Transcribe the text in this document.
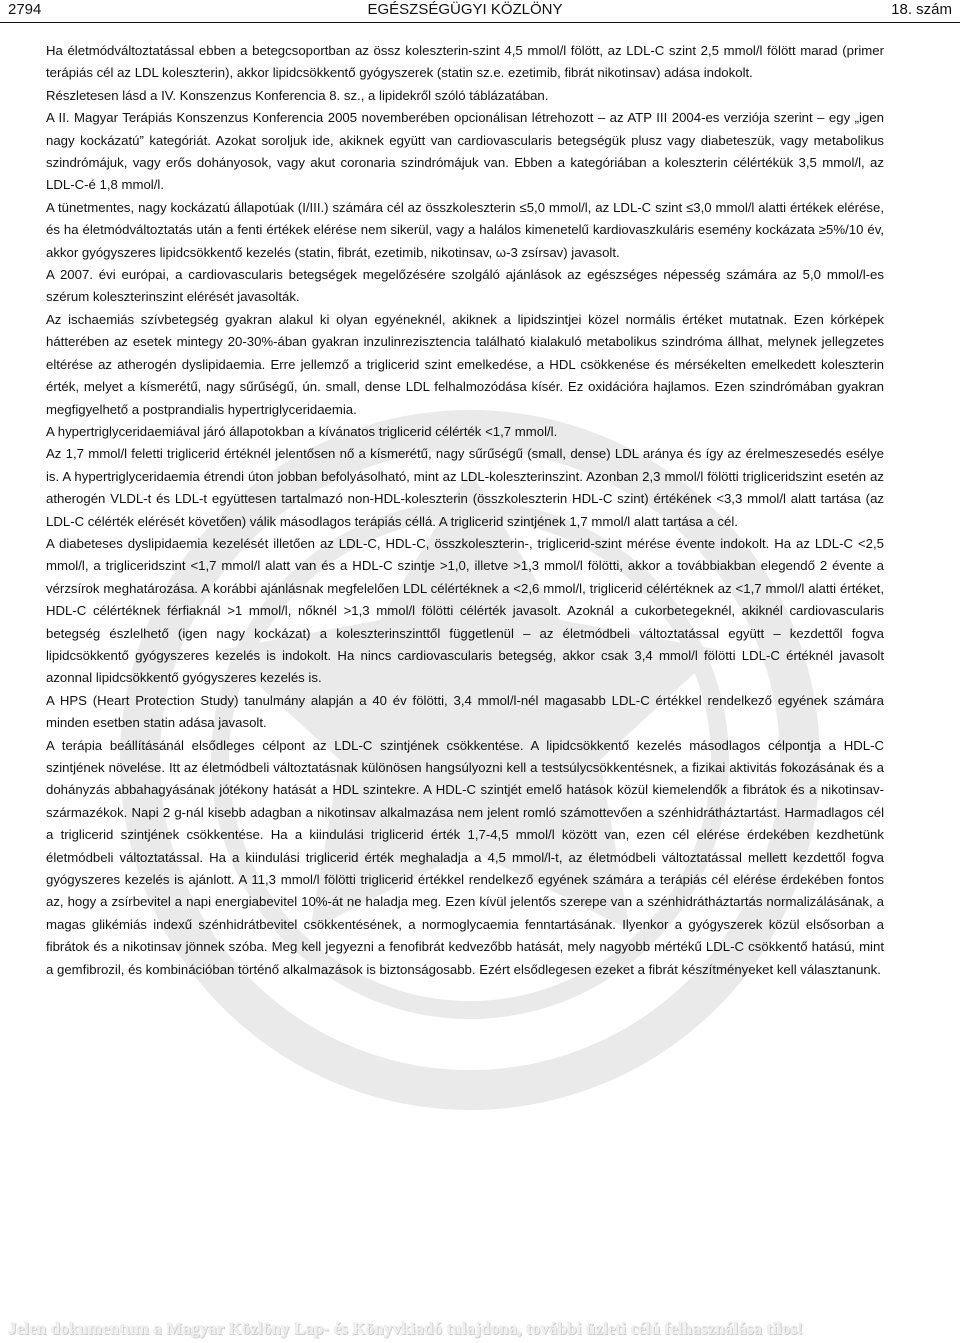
2794	EGÉSZSÉGÜGYI KÖZLÖNY	18. szám

Ha életmódváltoztatással ebben a betegcsoportban az össz koleszterin-szint 4,5 mmol/l fölött, az LDL-C szint 2,5 mmol/l fölött marad (primer terápiás cél az LDL koleszterin), akkor lipidcsökkentő gyógyszerek (statin sz.e. ezetimib, fibrát nikotinsav) adása indokolt.

Részletesen lásd a IV. Konszenzus Konferencia 8. sz., a lipidekről szóló táblázatában.

A II. Magyar Terápiás Konszenzus Konferencia 2005 novemberében opcionálisan létrehozott – az ATP III 2004-es verziója szerint – egy „igen nagy kockázatú” kategóriát. Azokat soroljuk ide, akiknek együtt van cardiovascularis betegségük plusz vagy diabeteszük, vagy metabolikus szindrómájuk, vagy erős dohányosok, vagy akut coronaria szindrómájuk van. Ebben a kategóriában a koleszterin célértékük 3,5 mmol/l, az LDL-C-é 1,8 mmol/l.

A tünetmentes, nagy kockázatú állapotúak (I/III.) számára cél az összkoleszterin ≤5,0 mmol/l, az LDL-C szint ≤3,0 mmol/l alatti értékek elérése, és ha életmódváltoztatás után a fenti értékek elérése nem sikerül, vagy a halálos kimenetelű kardiovaszkuláris esemény kockázata ≥5%/10 év, akkor gyógyszeres lipidcsökkentő kezelés (statin, fibrát, ezetimib, nikotinsav, ω-3 zsírsav) javasolt.

A 2007. évi európai, a cardiovascularis betegségek megelőzésére szolgáló ajánlások az egészséges népesség számára az 5,0 mmol/l-es szérum koleszterinszint elérését javasolták.

Az ischaemiás szívbetegség gyakran alakul ki olyan egyéneknél, akiknek a lipidszintjei közel normális értéket mutatnak. Ezen kórképek hátterében az esetek mintegy 20-30%-ában gyakran inzulinrezisztencia található kialakuló metabolikus szindróma állhat, melynek jellegzetes eltérése az atherogén dyslipidaemia. Erre jellemző a triglicerid szint emelkedése, a HDL csökkenése és mérsékelten emelkedett koleszterin érték, melyet a kísmerétű, nagy sűrűségű, ún. small, dense LDL felhalmozódása kísér. Ez oxidációra hajlamos. Ezen szindrómában gyakran megfigyelhető a postprandialis hypertriglyceridaemia.

A hypertriglyceridaemiával járó állapotokban a kívánatos triglicerid célérték <1,7 mmol/l.

Az 1,7 mmol/l feletti triglicerid értéknél jelentősen nő a kísmerétű, nagy sűrűségű (small, dense) LDL aránya és így az érelmeszesedés esélye is. A hypertriglyceridaemia étrendi úton jobban befolyásolható, mint az LDL-koleszterinszint. Azonban 2,3 mmol/l fölötti trigliceridszint esetén az atherogén VLDL-t és LDL-t együttesen tartalmazó non-HDL-koleszterin (összkoleszterin HDL-C szint) értékének <3,3 mmol/l alatt tartása (az LDL-C célérték elérését követően) válik másodlagos terápiás céllá. A triglicerid szintjének 1,7 mmol/l alatt tartása a cél.

A diabeteses dyslipidaemia kezelését illetően az LDL-C, HDL-C, összkoleszterin-, triglicerid-szint mérése évente indokolt. Ha az LDL-C <2,5 mmol/l, a trigliceridszint <1,7 mmol/l alatt van és a HDL-C szintje >1,0, illetve >1,3 mmol/l fölötti, akkor a továbbiakban elegendő 2 évente a vérzsírok meghatározása. A korábbi ajánlásnak megfelelően LDL célértéknek a <2,6 mmol/l, triglicerid célértéknek az <1,7 mmol/l alatti értéket, HDL-C célértéknek férfiaknál >1 mmol/l, nőknél >1,3 mmol/l fölötti célérték javasolt. Azoknál a cukorbetegeknél, akiknél cardiovascularis betegség észlelhető (igen nagy kockázat) a koleszterinszinttől függetlenül – az életmódbeli változtatással együtt – kezdettől fogva lipidcsökkentő gyógyszeres kezelés is indokolt. Ha nincs cardiovascularis betegség, akkor csak 3,4 mmol/l fölötti LDL-C értéknél javasolt azonnal lipidcsökkentő gyógyszeres kezelés is.

A HPS (Heart Protection Study) tanulmány alapján a 40 év fölötti, 3,4 mmol/l-nél magasabb LDL-C értékkel rendelkező egyének számára minden esetben statin adása javasolt.

A terápia beállításánál elsődleges célpont az LDL-C szintjének csökkentése. A lipidcsökkentő kezelés másodlagos célpontja a HDL-C szintjének növelése. Itt az életmódbeli változtatásnak különösen hangsúlyozni kell a testsúlycsökkentésnek, a fizikai aktivitás fokozásának és a dohányzás abbahagyásának jótékony hatását a HDL szintekre. A HDL-C szintjét emelő hatások közül kiemelendők a fibrátok és a nikotinsav-származékok. Napi 2 g-nál kisebb adagban a nikotinsav alkalmazása nem jelent romló számottevően a szénhidrátháztartást. Harmadlagos cél a triglicerid szintjének csökkentése. Ha a kiindulási triglicerid érték 1,7-4,5 mmol/l között van, ezen cél elérése érdekében kezdhetünk életmódbeli változtatással. Ha a kiindulási triglicerid érték meghaladja a 4,5 mmol/l-t, az életmódbeli változtatással mellett kezdettől fogva gyógyszeres kezelés is ajánlott. A 11,3 mmol/l fölötti triglicerid értékkel rendelkező egyének számára a terápiás cél elérése érdekében fontos az, hogy a zsírbevitel a napi energiabevitel 10%-át ne haladja meg. Ezen kívül jelentős szerepe van a szénhidrátháztartás normalizálásának, a magas glikémiás indexű szénhidrátbevitel csökkentésének, a normoglycaemia fenntartásának. Ilyenkor a gyógyszerek közül elsősorban a fibrátok és a nikotinsav jönnek szóba. Meg kell jegyezni a fenofibrát kedvezőbb hatását, mely nagyobb mértékű LDL-C csökkentő hatású, mint a gemfibrozil, és kombinációban történő alkalmazások is biztonságosabb. Ezért elsődlegesen ezeket a fibrát készítményeket kell választanunk.

Jelen dokumentum a Magyar Közlöny Lap- és Könyvkiadó tulajdona, további üzleti célú felhasználása tilos!
